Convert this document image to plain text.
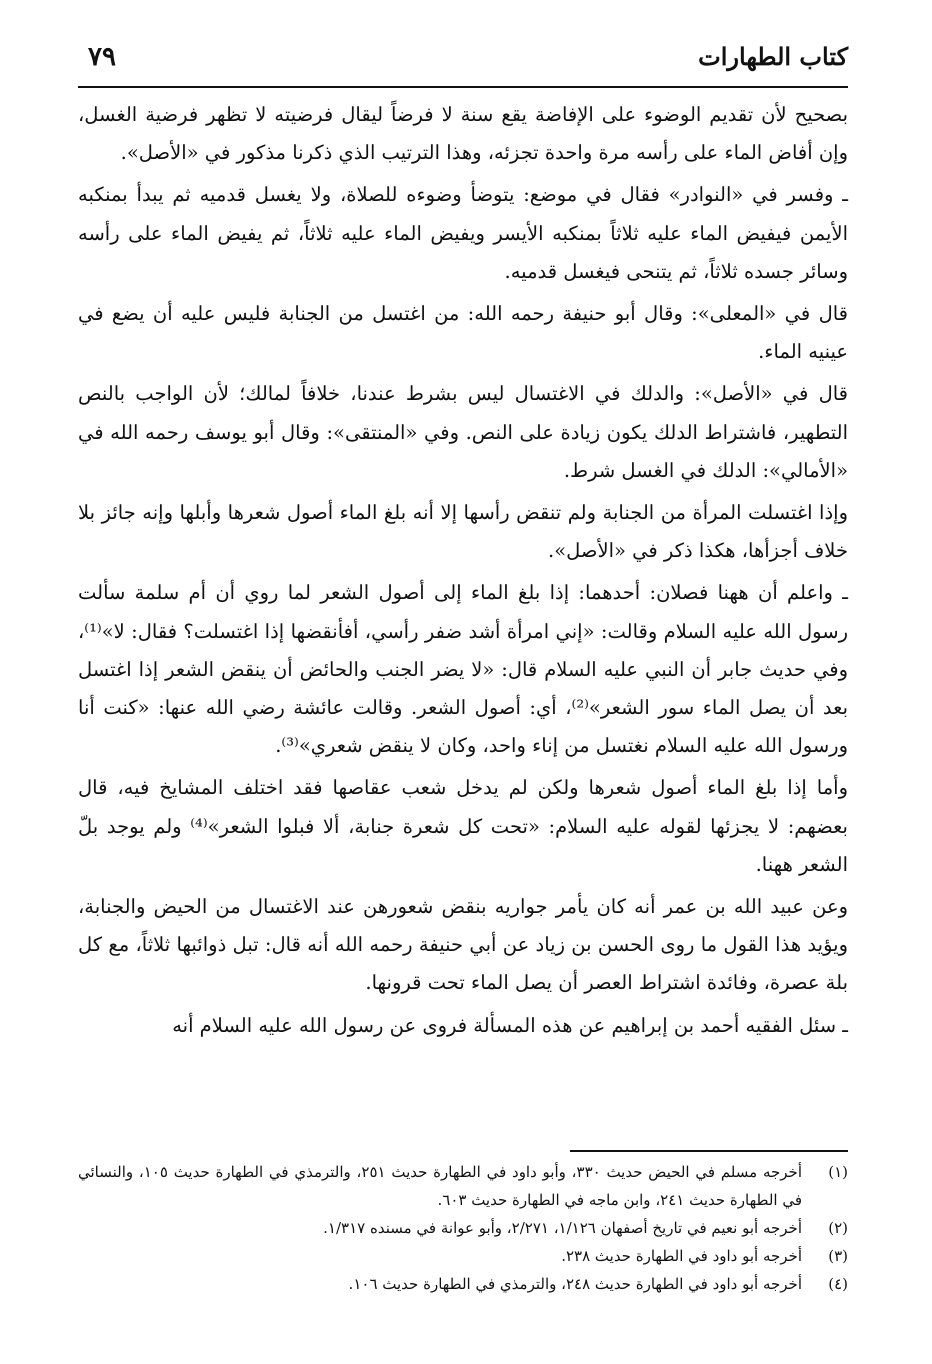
٧٩	كتاب الطهارات

بصحيح لأن تقديم الوضوء على الإفاضة يقع سنة لا فرضاً ليقال فرضيته لا تظهر فرضية الغسل، وإن أفاض الماء على رأسه مرة واحدة تجزئه، وهذا الترتيب الذي ذكرنا مذكور في «الأصل».

ـ وفسر في «النوادر» فقال في موضع: يتوضأ وضوءه للصلاة، ولا يغسل قدميه ثم يبدأ بمنكبه الأيمن فيفيض الماء عليه ثلاثاً بمنكبه الأيسر ويفيض الماء عليه ثلاثاً، ثم يفيض الماء على رأسه وسائر جسده ثلاثاً، ثم يتنحى فيغسل قدميه.

قال في «المعلى»: وقال أبو حنيفة رحمه الله: من اغتسل من الجنابة فليس عليه أن يضع في عينيه الماء.

قال في «الأصل»: والدلك في الاغتسال ليس بشرط عندنا، خلافاً لمالك؛ لأن الواجب بالنص التطهير، فاشتراط الدلك يكون زيادة على النص. وفي «المنتقى»: وقال أبو يوسف رحمه الله في «الأمالي»: الدلك في الغسل شرط.

وإذا اغتسلت المرأة من الجنابة ولم تنقض رأسها إلا أنه بلغ الماء أصول شعرها وأبلها وإنه جائز بلا خلاف أجزأها، هكذا ذكر في «الأصل».

ـ واعلم أن ههنا فصلان: أحدهما: إذا بلغ الماء إلى أصول الشعر لما روي أن أم سلمة سألت رسول الله عليه السلام وقالت: «إني امرأة أشد ضفر رأسي، أفأنقضها إذا اغتسلت؟ فقال: لا»⁽¹⁾، وفي حديث جابر أن النبي عليه السلام قال: «لا يضر الجنب والحائض أن ينقض الشعر إذا اغتسل بعد أن يصل الماء سور الشعر»⁽²⁾، أي: أصول الشعر. وقالت عائشة رضي الله عنها: «كنت أنا ورسول الله عليه السلام نغتسل من إناء واحد، وكان لا ينقض شعري»⁽³⁾.

وأما إذا بلغ الماء أصول شعرها ولكن لم يدخل شعب عقاصها فقد اختلف المشايخ فيه، قال بعضهم: لا يجزئها لقوله عليه السلام: «تحت كل شعرة جنابة، ألا فبلوا الشعر»⁽⁴⁾ ولم يوجد بلّ الشعر ههنا.

وعن عبيد الله بن عمر أنه كان يأمر جواريه بنقض شعورهن عند الاغتسال من الحيض والجنابة، ويؤيد هذا القول ما روى الحسن بن زياد عن أبي حنيفة رحمه الله أنه قال: تبل ذوائبها ثلاثاً، مع كل بلة عصرة، وفائدة اشتراط العصر أن يصل الماء تحت قرونها.

ـ سئل الفقيه أحمد بن إبراهيم عن هذه المسألة فروى عن رسول الله عليه السلام أنه

(١)
أخرجه مسلم في الحيض حديث ٣٣٠، وأبو داود في الطهارة حديث ٢٥١، والترمذي في الطهارة حديث ١٠٥، والنسائي في الطهارة حديث ٢٤١، وابن ماجه في الطهارة حديث ٦٠٣.
(٢)
أخرجه أبو نعيم في تاريخ أصفهان ١/١٢٦، ٢/٢٧١، وأبو عوانة في مسنده ١/٣١٧.
(٣)
أخرجه أبو داود في الطهارة حديث ٢٣٨.
(٤)
أخرجه أبو داود في الطهارة حديث ٢٤٨، والترمذي في الطهارة حديث ١٠٦.
